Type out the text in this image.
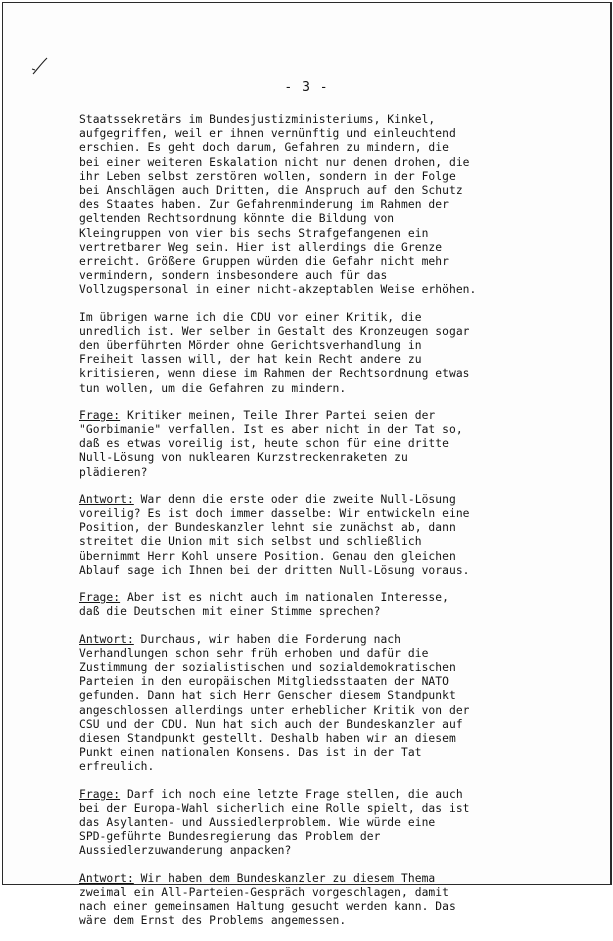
- 3 -
Staatssekretärs im Bundesjustizministeriums, Kinkel,
aufgegriffen, weil er ihnen vernünftig und einleuchtend
erschien. Es geht doch darum, Gefahren zu mindern, die
bei einer weiteren Eskalation nicht nur denen drohen, die
ihr Leben selbst zerstören wollen, sondern in der Folge
bei Anschlägen auch Dritten, die Anspruch auf den Schutz
des Staates haben. Zur Gefahrenminderung im Rahmen der
geltenden Rechtsordnung könnte die Bildung von
Kleingruppen von vier bis sechs Strafgefangenen ein
vertretbarer Weg sein. Hier ist allerdings die Grenze
erreicht. Größere Gruppen würden die Gefahr nicht mehr
vermindern, sondern insbesondere auch für das
Vollzugspersonal in einer nicht-akzeptablen Weise erhöhen.
Im übrigen warne ich die CDU vor einer Kritik, die
unredlich ist. Wer selber in Gestalt des Kronzeugen sogar
den überführten Mörder ohne Gerichtsverhandlung in
Freiheit lassen will, der hat kein Recht andere zu
kritisieren, wenn diese im Rahmen der Rechtsordnung etwas
tun wollen, um die Gefahren zu mindern.
Frage: Kritiker meinen, Teile Ihrer Partei seien der
"Gorbimanie" verfallen. Ist es aber nicht in der Tat so,
daß es etwas voreilig ist, heute schon für eine dritte
Null-Lösung von nuklearen Kurzstreckenraketen zu
plädieren?
Antwort: War denn die erste oder die zweite Null-Lösung
voreilig? Es ist doch immer dasselbe: Wir entwickeln eine
Position, der Bundeskanzler lehnt sie zunächst ab, dann
streitet die Union mit sich selbst und schließlich
übernimmt Herr Kohl unsere Position. Genau den gleichen
Ablauf sage ich Ihnen bei der dritten Null-Lösung voraus.
Frage: Aber ist es nicht auch im nationalen Interesse,
daß die Deutschen mit einer Stimme sprechen?
Antwort: Durchaus, wir haben die Forderung nach
Verhandlungen schon sehr früh erhoben und dafür die
Zustimmung der sozialistischen und sozialdemokratischen
Parteien in den europäischen Mitgliedsstaaten der NATO
gefunden. Dann hat sich Herr Genscher diesem Standpunkt
angeschlossen allerdings unter erheblicher Kritik von der
CSU und der CDU. Nun hat sich auch der Bundeskanzler auf
diesen Standpunkt gestellt. Deshalb haben wir an diesem
Punkt einen nationalen Konsens. Das ist in der Tat
erfreulich.
Frage: Darf ich noch eine letzte Frage stellen, die auch
bei der Europa-Wahl sicherlich eine Rolle spielt, das ist
das Asylanten- und Aussiedlerproblem. Wie würde eine
SPD-geführte Bundesregierung das Problem der
Aussiedlerzuwanderung anpacken?
Antwort: Wir haben dem Bundeskanzler zu diesem Thema
zweimal ein All-Parteien-Gespräch vorgeschlagen, damit
nach einer gemeinsamen Haltung gesucht werden kann. Das
wäre dem Ernst des Problems angemessen.
